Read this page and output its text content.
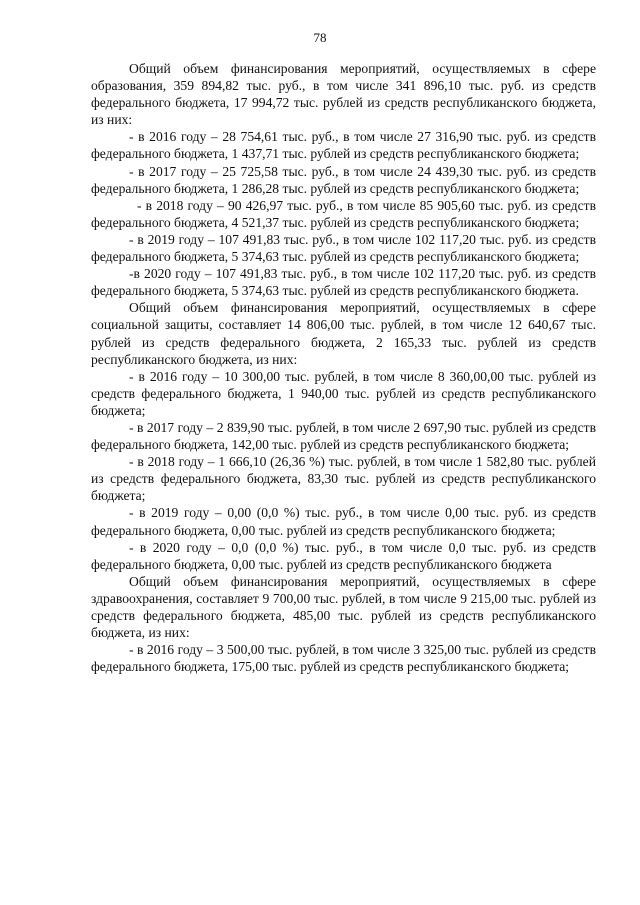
78

Общий объем финансирования мероприятий, осуществляемых в сфере образования, 359 894,82 тыс. руб., в том числе 341 896,10 тыс. руб. из средств федерального бюджета, 17 994,72 тыс. рублей из средств республиканского бюджета, из них:

- в 2016 году – 28 754,61 тыс. руб., в том числе 27 316,90 тыс. руб. из средств федерального бюджета, 1 437,71 тыс. рублей из средств республиканского бюджета;

- в 2017 году – 25 725,58 тыс. руб., в том числе 24 439,30 тыс. руб. из средств федерального бюджета, 1 286,28 тыс. рублей из средств республиканского бюджета;

- в 2018 году – 90 426,97 тыс. руб., в том числе 85 905,60 тыс. руб. из средств федерального бюджета, 4 521,37 тыс. рублей из средств республиканского бюджета;

- в 2019 году – 107 491,83 тыс. руб., в том числе 102 117,20 тыс. руб. из средств федерального бюджета, 5 374,63 тыс. рублей из средств республиканского бюджета;

-в 2020 году – 107 491,83 тыс. руб., в том числе 102 117,20 тыс. руб. из средств федерального бюджета, 5 374,63 тыс. рублей из средств республиканского бюджета.

Общий объем финансирования мероприятий, осуществляемых в сфере социальной защиты, составляет 14 806,00 тыс. рублей, в том числе 12 640,67 тыс. рублей из средств федерального бюджета, 2 165,33 тыс. рублей из средств республиканского бюджета, из них:

- в 2016 году – 10 300,00 тыс. рублей, в том числе 8 360,00,00 тыс. рублей из средств федерального бюджета, 1 940,00 тыс. рублей из средств республиканского бюджета;

- в 2017 году – 2 839,90 тыс. рублей, в том числе 2 697,90 тыс. рублей из средств федерального бюджета, 142,00 тыс. рублей из средств республиканского бюджета;

- в 2018 году – 1 666,10 (26,36 %) тыс. рублей, в том числе 1 582,80 тыс. рублей из средств федерального бюджета, 83,30 тыс. рублей из средств республиканского бюджета;

- в 2019 году – 0,00 (0,0 %) тыс. руб., в том числе 0,00 тыс. руб. из средств федерального бюджета, 0,00 тыс. рублей из средств республиканского бюджета;

- в 2020 году – 0,0 (0,0 %) тыс. руб., в том числе 0,0 тыс. руб. из средств федерального бюджета, 0,00 тыс. рублей из средств республиканского бюджета

Общий объем финансирования мероприятий, осуществляемых в сфере здравоохранения, составляет 9 700,00 тыс. рублей, в том числе 9 215,00 тыс. рублей из средств федерального бюджета, 485,00 тыс. рублей из средств республиканского бюджета, из них:

- в 2016 году – 3 500,00 тыс. рублей, в том числе 3 325,00 тыс. рублей из средств федерального бюджета, 175,00 тыс. рублей из средств республиканского бюджета;
